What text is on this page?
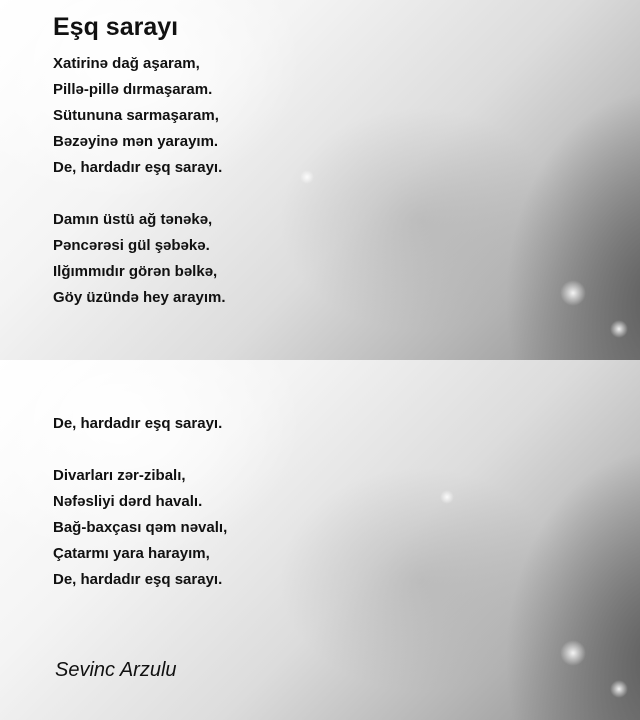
Eşq sarayı
Xatirinə dağ aşaram,
Pillə-pillə dırmaşaram.
Sütununa sarmaşaram,
Bəzəyinə mən yarayım.
De, hardadır eşq sarayı.
Damın üstü ağ tənəkə,
Pəncərəsi gül şəbəkə.
Ilğımmıdır görən bəlkə,
Göy üzündə hey arayım.
De, hardadır eşq sarayı.
Divarları zər-zibalı,
Nəfəsliyi dərd havalı.
Bağ-baxçası qəm nəvalı,
Çatarmı yara harayım,
De, hardadır eşq sarayı.
Sevinc Arzulu
